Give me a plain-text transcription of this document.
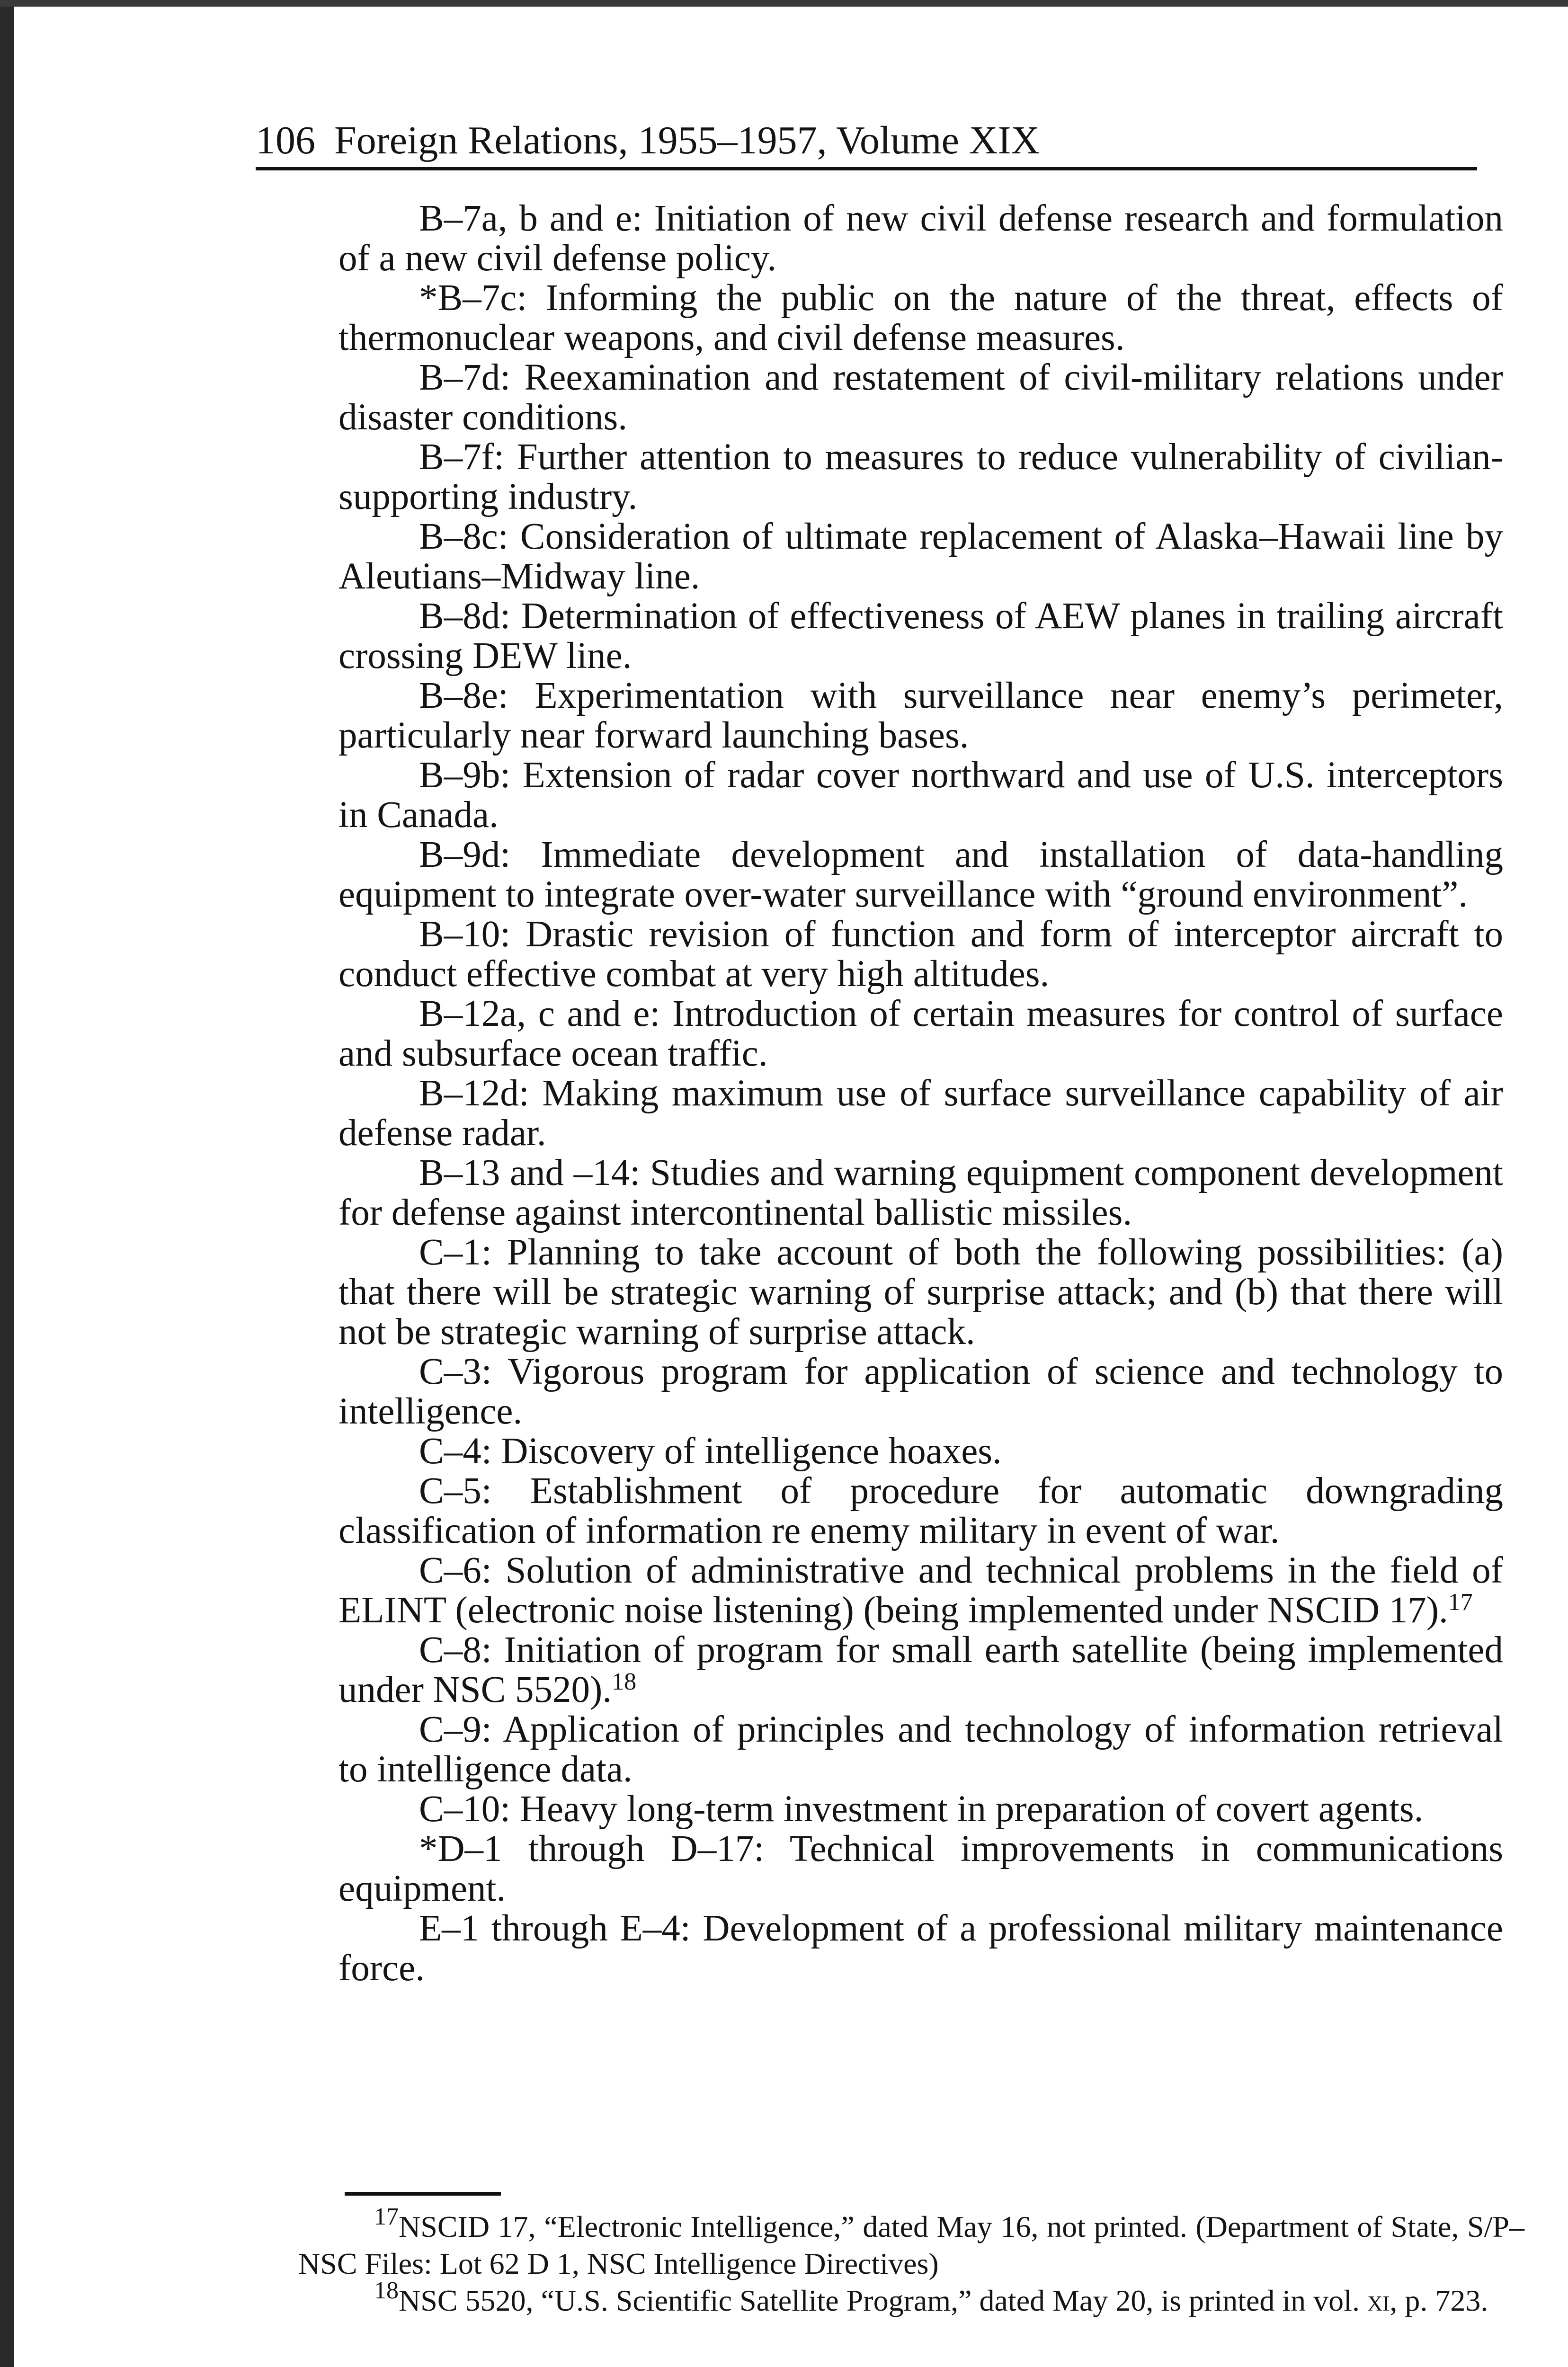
106 Foreign Relations, 1955–1957, Volume XIX

B–7a, b and e: Initiation of new civil defense research and formulation of a new civil defense policy.

*B–7c: Informing the public on the nature of the threat, effects of thermonuclear weapons, and civil defense measures.

B–7d: Reexamination and restatement of civil-military relations under disaster conditions.

B–7f: Further attention to measures to reduce vulnerability of civilian-supporting industry.

B–8c: Consideration of ultimate replacement of Alaska–Hawaii line by Aleutians–Midway line.

B–8d: Determination of effectiveness of AEW planes in trailing aircraft crossing DEW line.

B–8e: Experimentation with surveillance near enemy’s perimeter, particularly near forward launching bases.

B–9b: Extension of radar cover northward and use of U.S. interceptors in Canada.

B–9d: Immediate development and installation of data-handling equipment to integrate over-water surveillance with “ground environment”.

B–10: Drastic revision of function and form of interceptor aircraft to conduct effective combat at very high altitudes.

B–12a, c and e: Introduction of certain measures for control of surface and subsurface ocean traffic.

B–12d: Making maximum use of surface surveillance capability of air defense radar.

B–13 and –14: Studies and warning equipment component development for defense against intercontinental ballistic missiles.

C–1: Planning to take account of both the following possibilities: (a) that there will be strategic warning of surprise attack; and (b) that there will not be strategic warning of surprise attack.

C–3: Vigorous program for application of science and technology to intelligence.

C–4: Discovery of intelligence hoaxes.

C–5: Establishment of procedure for automatic downgrading classification of information re enemy military in event of war.

C–6: Solution of administrative and technical problems in the field of ELINT (electronic noise listening) (being implemented under NSCID 17).$^{17}$

C–8: Initiation of program for small earth satellite (being implemented under NSC 5520).$^{18}$

C–9: Application of principles and technology of information retrieval to intelligence data.

C–10: Heavy long-term investment in preparation of covert agents.

*D–1 through D–17: Technical improvements in communications equipment.

E–1 through E–4: Development of a professional military maintenance force.

$^{17}$NSCID 17, “Electronic Intelligence,” dated May 16, not printed. (Department of State, S/P–NSC Files: Lot 62 D 1, NSC Intelligence Directives)

$^{18}$NSC 5520, “U.S. Scientific Satellite Program,” dated May 20, is printed in vol. xi, p. 723.
